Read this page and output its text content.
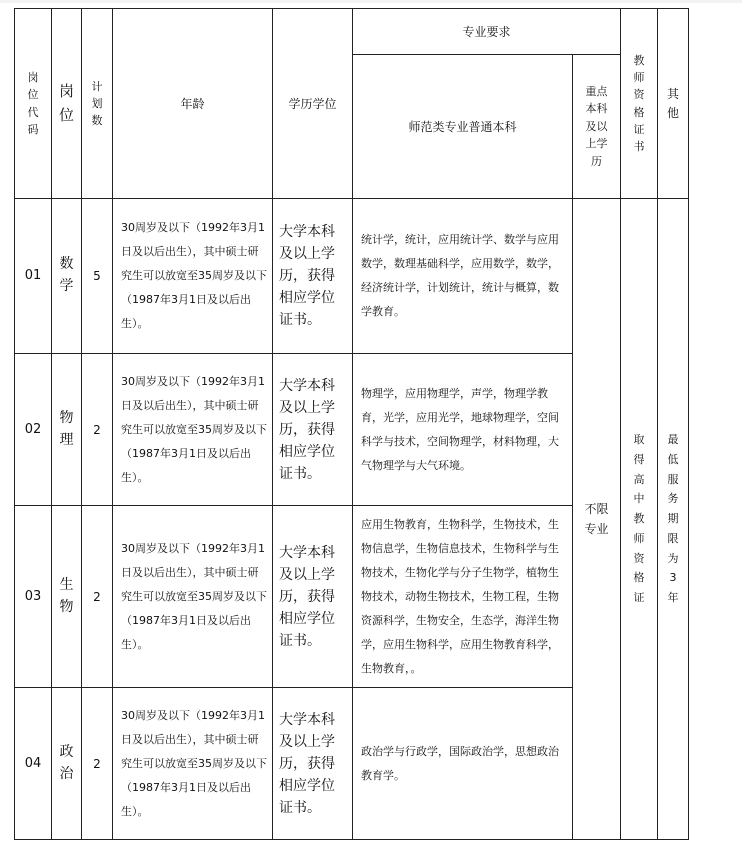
岗位代码	岗位	计划数	年龄	学历学位	专业要求		教师资格证书	其他

					师范类专业普通本科	重点本科及以上学历		

01	数学	5	30周岁及以下（1992年3月1日及以后出生），其中硕士研究生可以放宽至35周岁及以下（1987年3月1日及以后出生）。	大学本科及以上学历，获得相应学位证书。	统计学，统计，应用统计学、数学与应用数学，数理基础科学，应用数学，数学，经济统计学，计划统计，统计与概算，数学教育。	不限专业	取得高中教师资格证	最低服务期限为3年

02	物理	2	30周岁及以下（1992年3月1日及以后出生），其中硕士研究生可以放宽至35周岁及以下（1987年3月1日及以后出生）。	大学本科及以上学历，获得相应学位证书。	物理学，应用物理学，声学，物理学教育，光学，应用光学，地球物理学，空间科学与技术，空间物理学，材料物理，大气物理学与大气环境。			
03	生物	2	30周岁及以下（1992年3月1日及以后出生），其中硕士研究生可以放宽至35周岁及以下（1987年3月1日及以后出生）。	大学本科及以上学历，获得相应学位证书。	应用生物教育，生物科学，生物技术，生物信息学，生物信息技术，生物科学与生物技术，生物化学与分子生物学，植物生物技术，动物生物技术，生物工程，生物资源科学，生物安全，生态学，海洋生物学，应用生物科学，应用生物教育科学，生物教育，。			
04	政治	2	30周岁及以下（1992年3月1日及以后出生），其中硕士研究生可以放宽至35周岁及以下（1987年3月1日及以后出生）。	大学本科及以上学历，获得相应学位证书。	政治学与行政学，国际政治学，思想政治教育学。			
